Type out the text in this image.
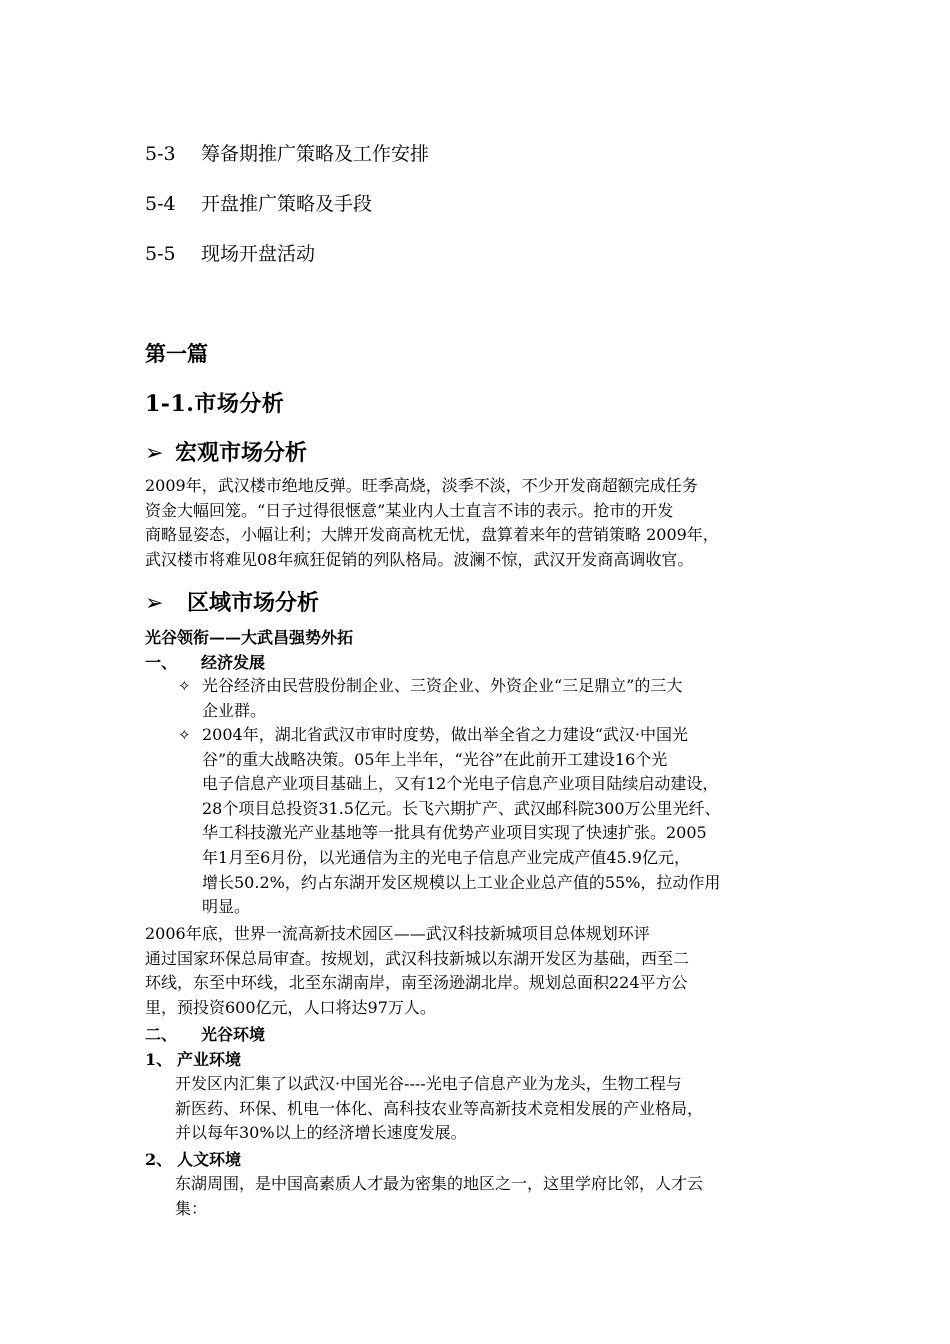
5-3 筹备期推广策略及工作安排
5-4 开盘推广策略及手段
5-5 现场开盘活动
第一篇
1-1.市场分析
➢ 宏观市场分析
2009年，武汉楼市绝地反弹。旺季高烧，淡季不淡，不少开发商超额完成任务
资金大幅回笼。“日子过得很惬意”某业内人士直言不讳的表示。抢市的开发
商略显姿态，小幅让利；大牌开发商高枕无忧，盘算着来年的营销策略 2009年，
武汉楼市将难见08年疯狂促销的列队格局。波澜不惊，武汉开发商高调收官。
➢ 区域市场分析
光谷领衔——大武昌强势外拓
一、 经济发展
✧ 光谷经济由民营股份制企业、三资企业、外资企业“三足鼎立”的三大
企业群。
✧ 2004年，湖北省武汉市审时度势，做出举全省之力建设“武汉·中国光
谷”的重大战略决策。05年上半年，“光谷”在此前开工建设16个光
电子信息产业项目基础上，又有12个光电子信息产业项目陆续启动建设，
28个项目总投资31.5亿元。长飞六期扩产、武汉邮科院300万公里光纤、
华工科技激光产业基地等一批具有优势产业项目实现了快速扩张。2005
年1月至6月份，以光通信为主的光电子信息产业完成产值45.9亿元，
增长50.2%，约占东湖开发区规模以上工业企业总产值的55%，拉动作用
明显。
2006年底，世界一流高新技术园区——武汉科技新城项目总体规划环评
通过国家环保总局审查。按规划，武汉科技新城以东湖开发区为基础，西至二
环线，东至中环线，北至东湖南岸，南至汤逊湖北岸。规划总面积224平方公
里，预投资600亿元，人口将达97万人。
二、 光谷环境
1、 产业环境
开发区内汇集了以武汉·中国光谷----光电子信息产业为龙头，生物工程与
新医药、环保、机电一体化、高科技农业等高新技术竞相发展的产业格局，
并以每年30%以上的经济增长速度发展。
2、 人文环境
东湖周围，是中国高素质人才最为密集的地区之一，这里学府比邻，人才云
集：
